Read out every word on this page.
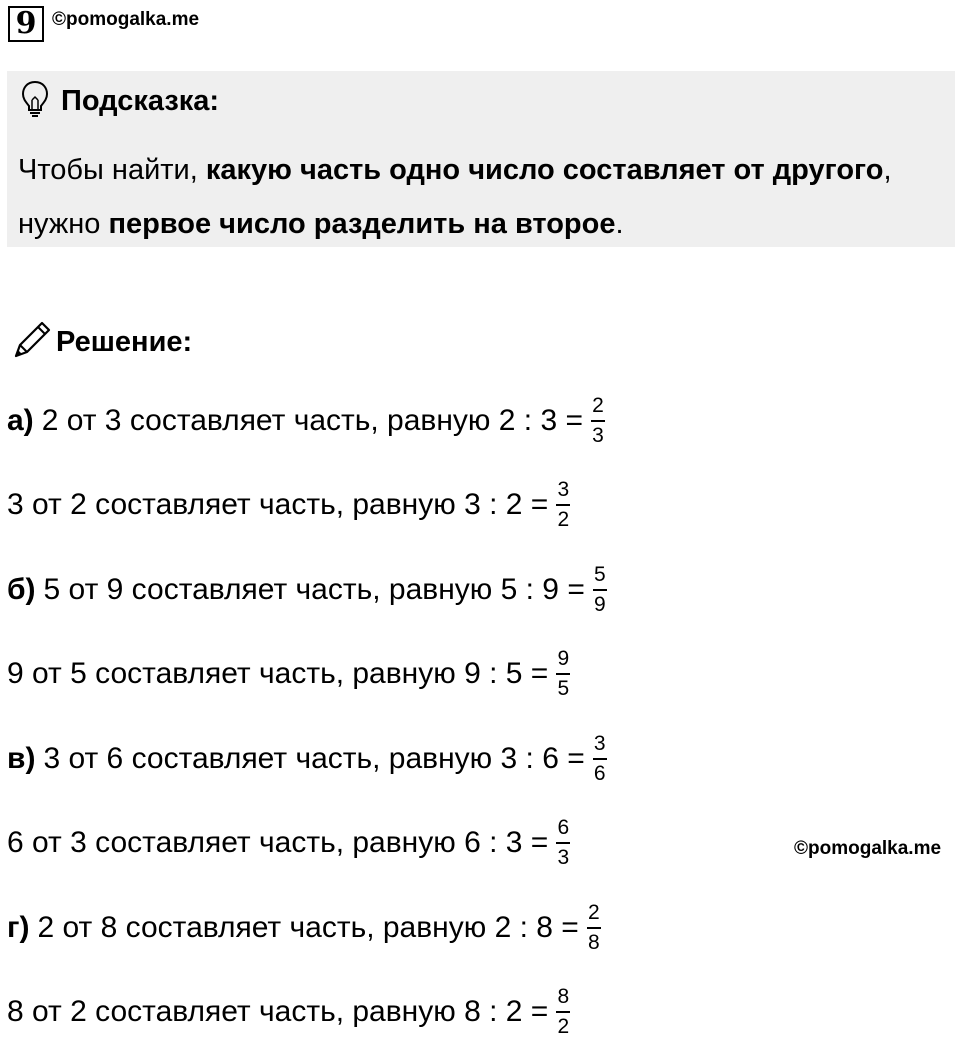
9 ©pomogalka.me
Подсказка:
Чтобы найти, какую часть одно число составляет от другого, нужно первое число разделить на второе.
Решение:
а) 2 от 3 составляет часть, равную 2 : $3 = \frac{2}{3}$
3 от 2 составляет часть, равную 3 : $2 = \frac{3}{2}$
б) 5 от 9 составляет часть, равную 5 : $9 = \frac{5}{9}$
9 от 5 составляет часть, равную 9 : $5 = \frac{9}{5}$
в) 3 от 6 составляет часть, равную 3 : $6 = \frac{3}{6}$
6 от 3 составляет часть, равную 6 : $3 = \frac{6}{3}$
г) 2 от 8 составляет часть, равную 2 : $8 = \frac{2}{8}$
8 от 2 составляет часть, равную 8 : $2 = \frac{8}{2}$
©pomogalka.me
